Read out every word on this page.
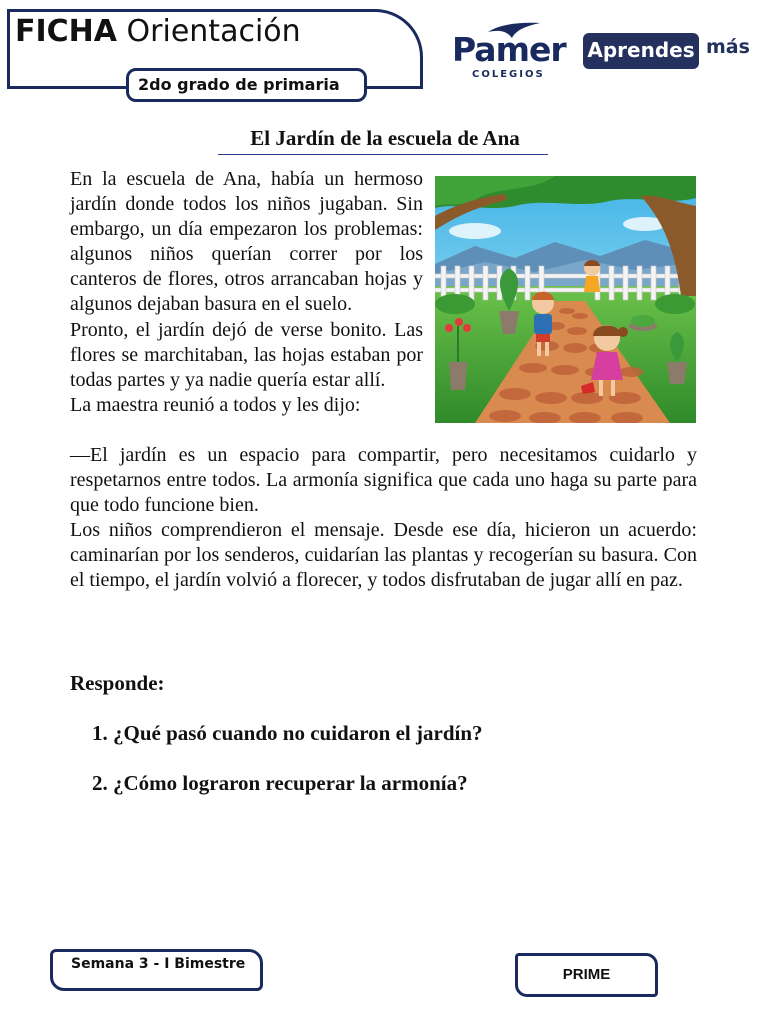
FICHA Orientación
2do grado de primaria
Pamer
COLEGIOS
Aprendes más
El Jardín de la escuela de Ana

En la escuela de Ana, había un hermoso jardín donde todos los niños jugaban. Sin embargo, un día empezaron los problemas: algunos niños querían correr por los canteros de flores, otros arrancaban hojas y algunos dejaban basura en el suelo.

Pronto, el jardín dejó de verse bonito. Las flores se marchitaban, las hojas estaban por todas partes y ya nadie quería estar allí.

La maestra reunió a todos y les dijo:

—El jardín es un espacio para compartir, pero necesitamos cuidarlo y respetarnos entre todos. La armonía significa que cada uno haga su parte para que todo funcione bien.

Los niños comprendieron el mensaje. Desde ese día, hicieron un acuerdo: caminarían por los senderos, cuidarían las plantas y recogerían su basura. Con el tiempo, el jardín volvió a florecer, y todos disfrutaban de jugar allí en paz.

Responde:
1. ¿Qué pasó cuando no cuidaron el jardín?
2. ¿Cómo lograron recuperar la armonía?
Semana 3 - I Bimestre
PRIME
